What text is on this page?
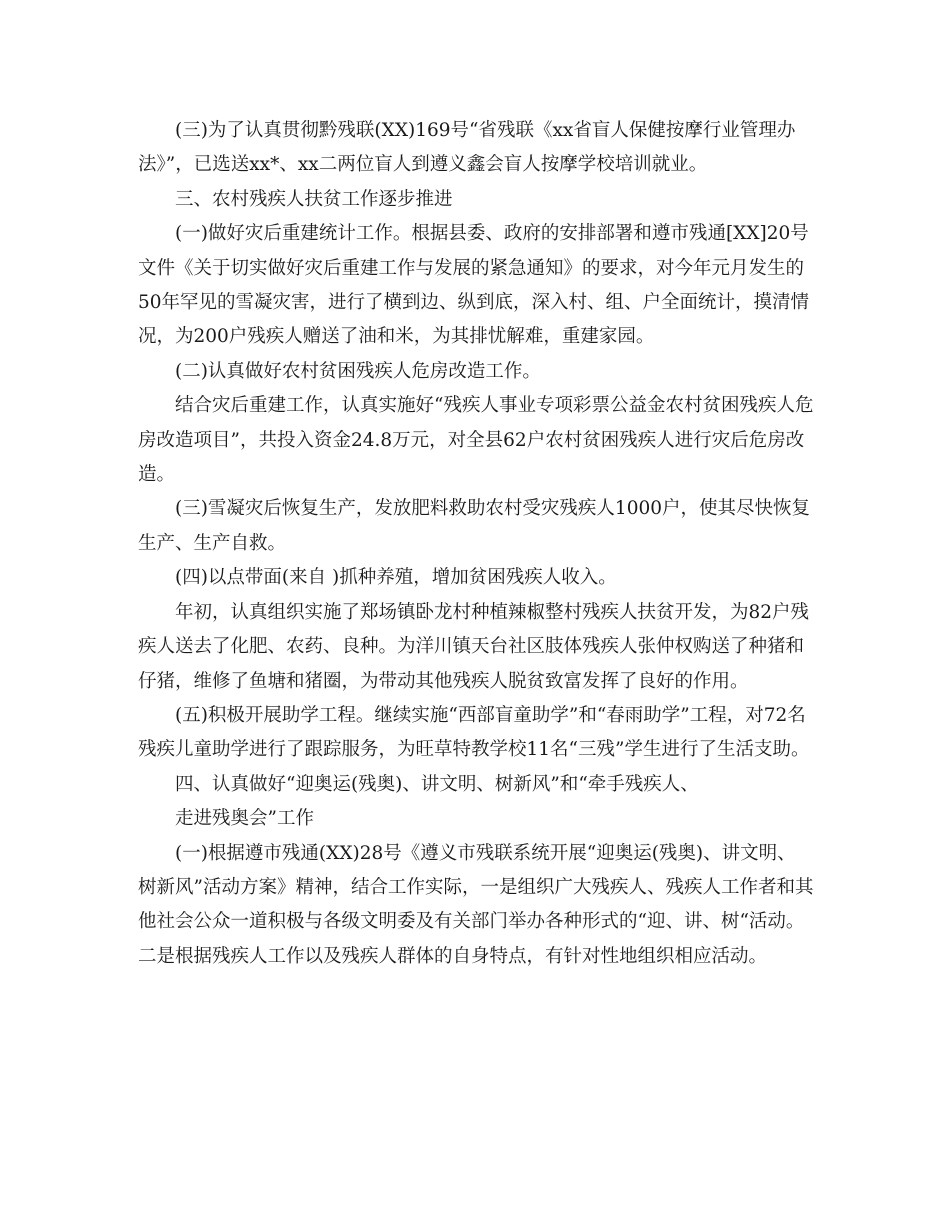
(三)为了认真贯彻黔残联(XX)169号“省残联《xx省盲人保健按摩行业管理办法》”，已选送xx*、xx二两位盲人到遵义鑫会盲人按摩学校培训就业。

三、农村残疾人扶贫工作逐步推进

(一)做好灾后重建统计工作。根据县委、政府的安排部署和遵市残通[XX]20号文件《关于切实做好灾后重建工作与发展的紧急通知》的要求，对今年元月发生的50年罕见的雪凝灾害，进行了横到边、纵到底，深入村、组、户全面统计，摸清情况，为200户残疾人赠送了油和米，为其排忧解难，重建家园。

(二)认真做好农村贫困残疾人危房改造工作。

结合灾后重建工作，认真实施好“残疾人事业专项彩票公益金农村贫困残疾人危房改造项目”，共投入资金24.8万元，对全县62户农村贫困残疾人进行灾后危房改造。

(三)雪凝灾后恢复生产，发放肥料救助农村受灾残疾人1000户，使其尽快恢复生产、生产自救。

(四)以点带面(来自 )抓种养殖，增加贫困残疾人收入。

年初，认真组织实施了郑场镇卧龙村种植辣椒整村残疾人扶贫开发，为82户残疾人送去了化肥、农药、良种。为洋川镇天台社区肢体残疾人张仲权购送了种猪和仔猪，维修了鱼塘和猪圈，为带动其他残疾人脱贫致富发挥了良好的作用。

(五)积极开展助学工程。继续实施“西部盲童助学”和“春雨助学”工程，对72名残疾儿童助学进行了跟踪服务，为旺草特教学校11名“三残”学生进行了生活支助。

四、认真做好“迎奥运(残奥)、讲文明、树新风”和“牵手残疾人、

走进残奥会”工作

(一)根据遵市残通(XX)28号《遵义市残联系统开展“迎奥运(残奥)、讲文明、树新风”活动方案》精神，结合工作实际，一是组织广大残疾人、残疾人工作者和其他社会公众一道积极与各级文明委及有关部门举办各种形式的“迎、讲、树“活动。二是根据残疾人工作以及残疾人群体的自身特点，有针对性地组织相应活动。
